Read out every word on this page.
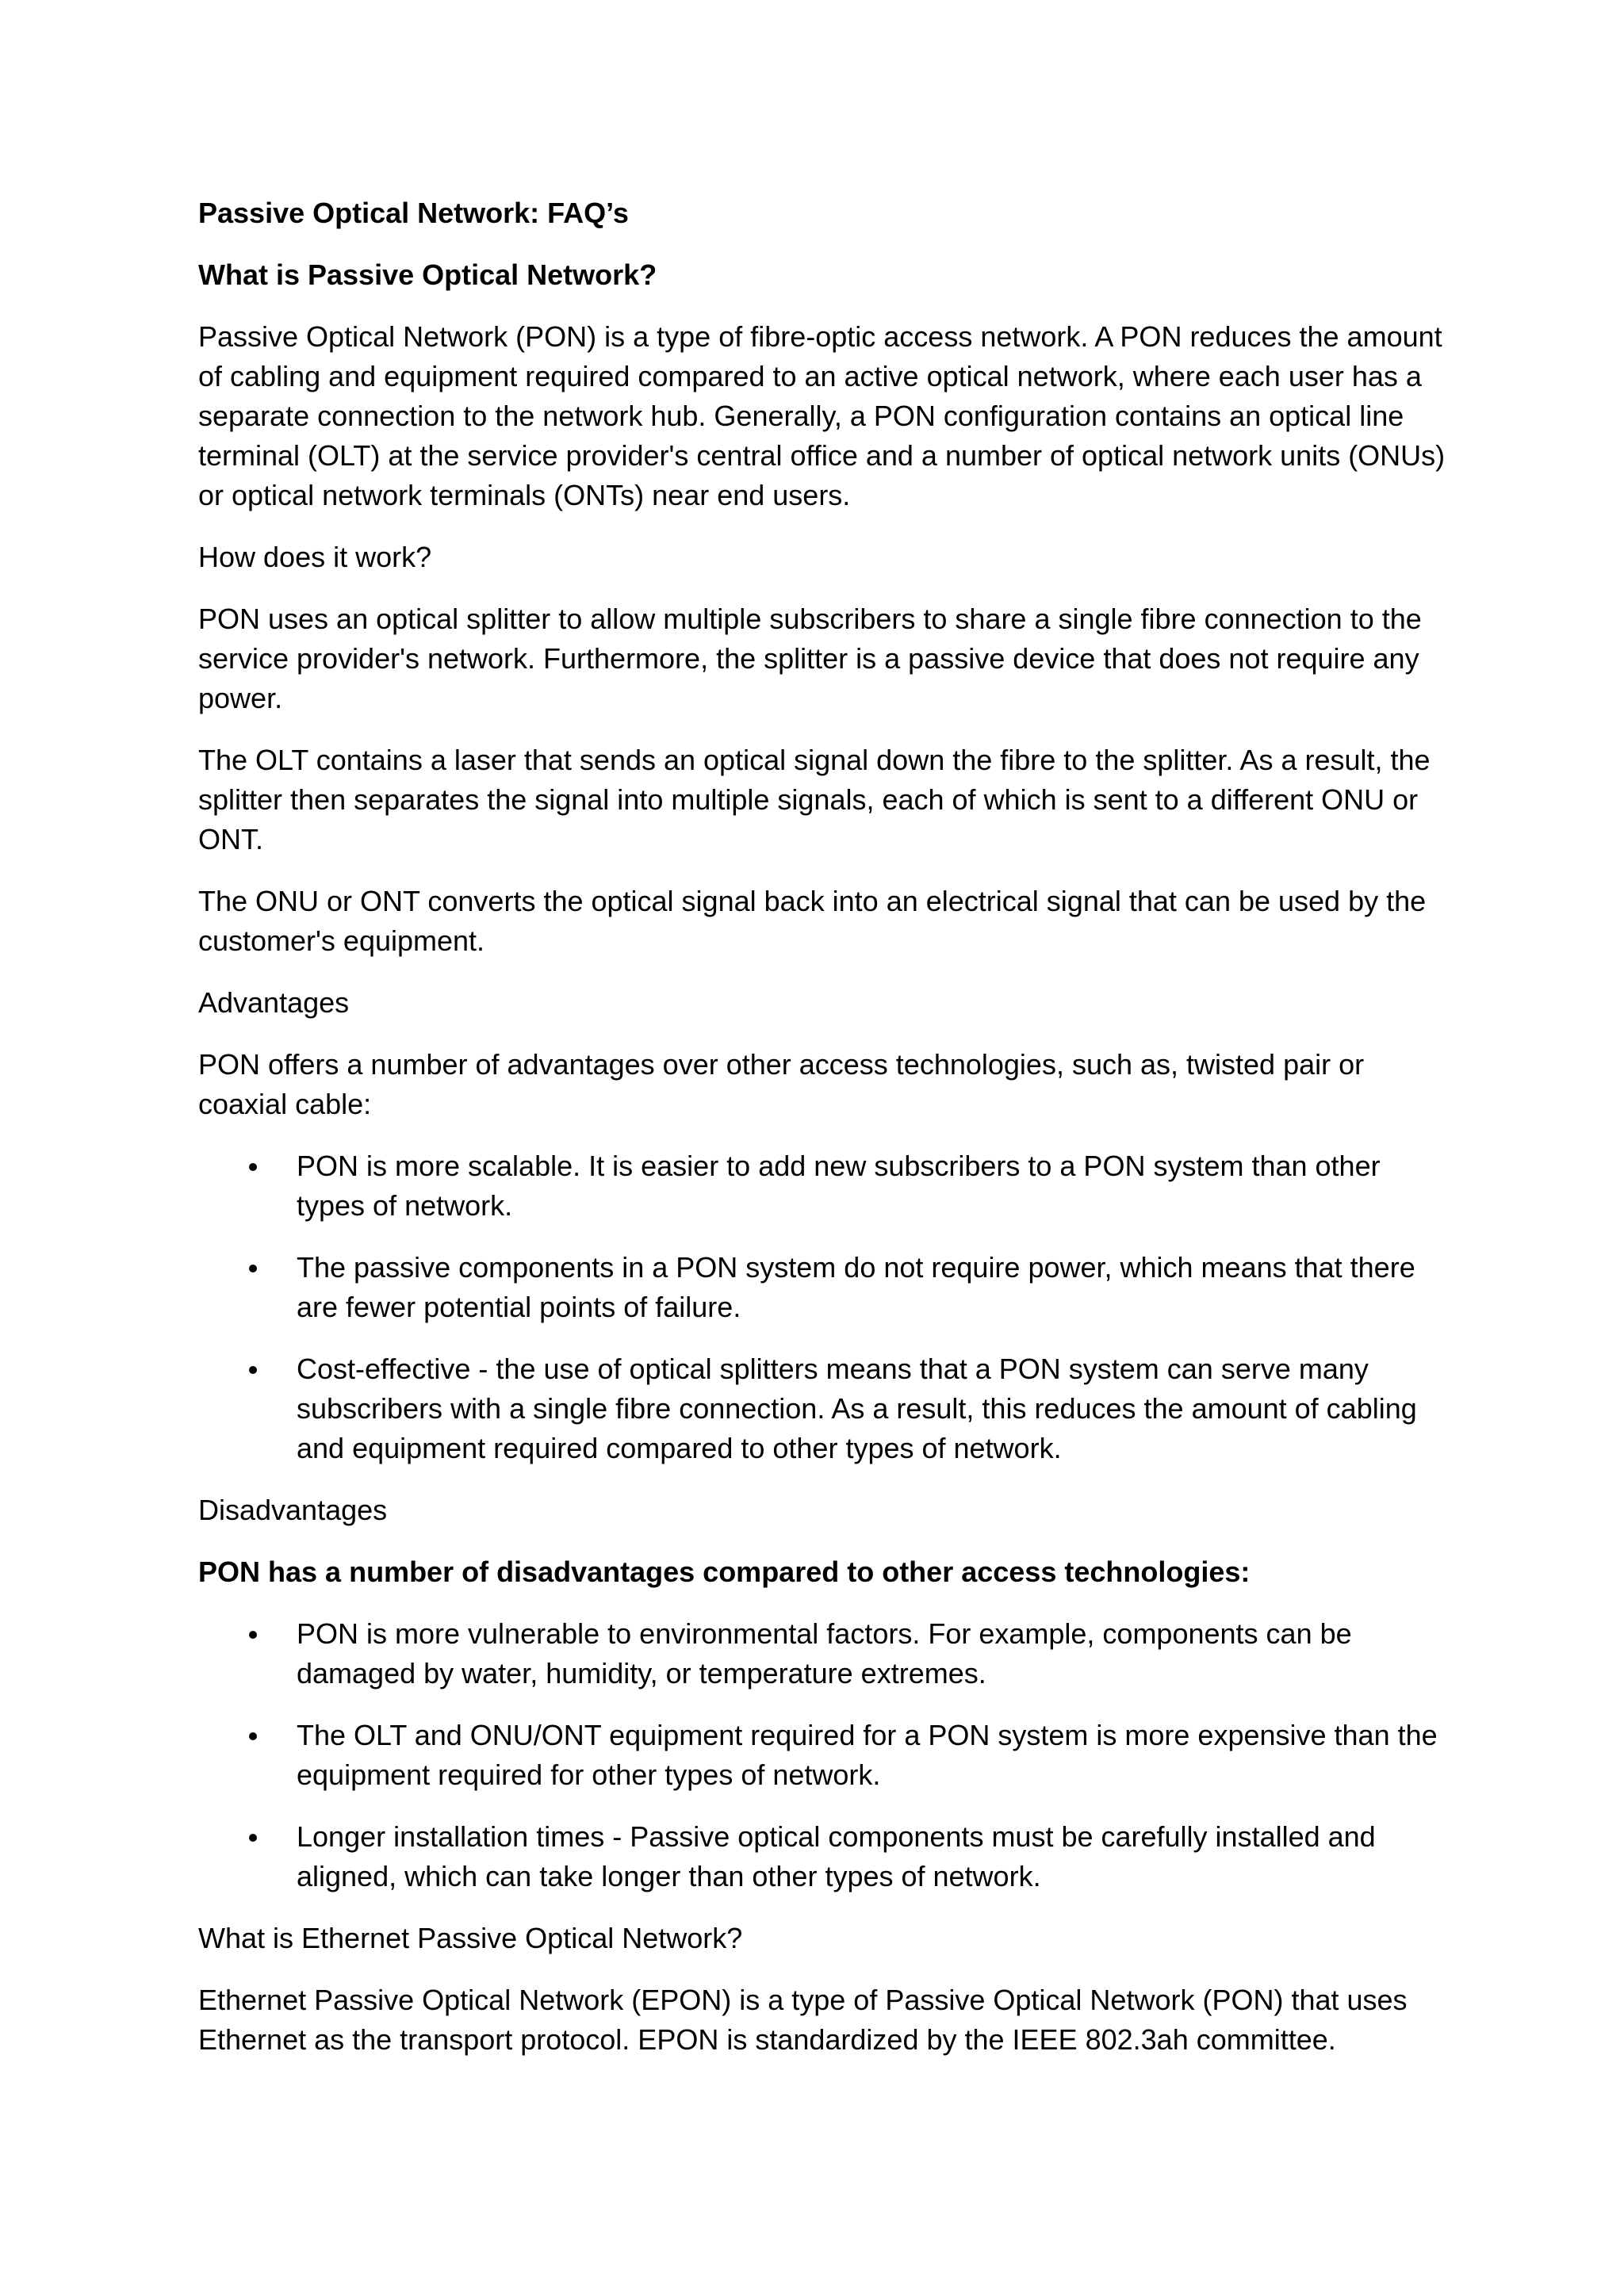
Passive Optical Network: FAQ’s
What is Passive Optical Network?
Passive Optical Network (PON) is a type of fibre-optic access network. A PON reduces the amount of cabling and equipment required compared to an active optical network, where each user has a separate connection to the network hub. Generally, a PON configuration contains an optical line terminal (OLT) at the service provider's central office and a number of optical network units (ONUs) or optical network terminals (ONTs) near end users.
How does it work?
PON uses an optical splitter to allow multiple subscribers to share a single fibre connection to the service provider's network. Furthermore, the splitter is a passive device that does not require any power.
The OLT contains a laser that sends an optical signal down the fibre to the splitter. As a result, the splitter then separates the signal into multiple signals, each of which is sent to a different ONU or ONT.
The ONU or ONT converts the optical signal back into an electrical signal that can be used by the customer's equipment.
Advantages
PON offers a number of advantages over other access technologies, such as, twisted pair or coaxial cable:
PON is more scalable. It is easier to add new subscribers to a PON system than other types of network.
The passive components in a PON system do not require power, which means that there are fewer potential points of failure.
Cost-effective - the use of optical splitters means that a PON system can serve many subscribers with a single fibre connection. As a result, this reduces the amount of cabling and equipment required compared to other types of network.
Disadvantages
PON has a number of disadvantages compared to other access technologies:
PON is more vulnerable to environmental factors. For example, components can be damaged by water, humidity, or temperature extremes.
The OLT and ONU/ONT equipment required for a PON system is more expensive than the equipment required for other types of network.
Longer installation times - Passive optical components must be carefully installed and aligned, which can take longer than other types of network.
What is Ethernet Passive Optical Network?
Ethernet Passive Optical Network (EPON) is a type of Passive Optical Network (PON) that uses Ethernet as the transport protocol. EPON is standardized by the IEEE 802.3ah committee.
